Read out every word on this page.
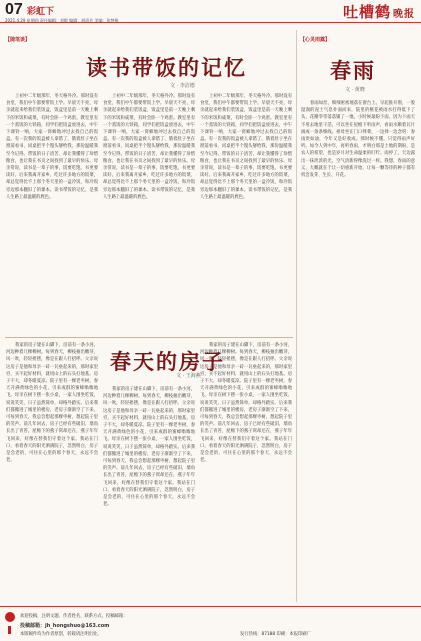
07 彩虹下
2021.4.29 星期四 责任编辑：刘敬 编辑：胡清芳 美编：张梦雅	吐槽鹤 晚报
【随笔谈】
读书带饭的记忆
文 · 李洁德
上初中二年级那年，冬天格外冷。那时没有食堂，我们中午都要带饭上学。早晨天不亮，母亲就起来给我们装饭盒，饭盒里是前一天晚上剩下的米饭和咸菜，有时会卧一个鸡蛋。教室里有一个蒸饭的大铁箱，同学们把饭盒放进去，中午下课铃一响，大家一窝蜂地冲过去找自己的饭盒。有一次我的饭盒被人拿错了，饿着肚子坐在窗前看书，同桌把半个馒头掰给我，那份温暖我至今记得。带饭的日子清苦，却让我懂得了珍惜粮食，也让我在书页之间找到了最早的快乐。母亲常说，读书是一辈子的事，饭要吃饱，书更要读好。后来我离开家乡，吃过许多地方的饭菜，却总觉得比不上那个冬天里的一盒冷饭，和冷饭旁边那本翻旧了的课本。读书带饭的记忆，是我人生路上最温暖的底色。
上初中二年级那年，冬天格外冷。那时没有食堂，我们中午都要带饭上学。早晨天不亮，母亲就起来给我们装饭盒，饭盒里是前一天晚上剩下的米饭和咸菜，有时会卧一个鸡蛋。教室里有一个蒸饭的大铁箱，同学们把饭盒放进去，中午下课铃一响，大家一窝蜂地冲过去找自己的饭盒。有一次我的饭盒被人拿错了，饿着肚子坐在窗前看书，同桌把半个馒头掰给我，那份温暖我至今记得。带饭的日子清苦，却让我懂得了珍惜粮食，也让我在书页之间找到了最早的快乐。母亲常说，读书是一辈子的事，饭要吃饱，书更要读好。后来我离开家乡，吃过许多地方的饭菜，却总觉得比不上那个冬天里的一盒冷饭，和冷饭旁边那本翻旧了的课本。读书带饭的记忆，是我人生路上最温暖的底色。
上初中二年级那年，冬天格外冷。那时没有食堂，我们中午都要带饭上学。早晨天不亮，母亲就起来给我们装饭盒，饭盒里是前一天晚上剩下的米饭和咸菜，有时会卧一个鸡蛋。教室里有一个蒸饭的大铁箱，同学们把饭盒放进去，中午下课铃一响，大家一窝蜂地冲过去找自己的饭盒。有一次我的饭盒被人拿错了，饿着肚子坐在窗前看书，同桌把半个馒头掰给我，那份温暖我至今记得。带饭的日子清苦，却让我懂得了珍惜粮食，也让我在书页之间找到了最早的快乐。母亲常说，读书是一辈子的事，饭要吃饱，书更要读好。后来我离开家乡，吃过许多地方的饭菜，却总觉得比不上那个冬天里的一盒冷饭，和冷饭旁边那本翻旧了的课本。读书带饭的记忆，是我人生路上最温暖的底色。
【心灵雨露】
春雨
文 · 黄晓
春雨如丝，细细密密地落在窗台上。早起推开窗，一股湿润的泥土气息扑面而来，院里的桃花被雨水打得低下了头，花瓣零零落落铺了一地。小时候最盼下雨，因为下雨天不用去地里干活，可以坐在屋檐下听雨声，看雨水顺着瓦片滴成一条条细线。祖母坐在门口择菜，一边择一边念叨：春雨贵如油，今年又是好收成。那时候不懂，只觉得雨声好听。如今人到中年，再听春雨，才明白那是土地的期盼，是农人的希望，也是岁月对生命温柔的叮咛。雨停了，天边露出一抹淡淡的光，空气清新得像洗过一样。我想，春雨的意义，大概就在于让一切重新开始，让每一颗等待的种子都有机会发芽、生长、开花。
我家的房子建在山脚下，房前有一条小河，河边种着几棵柳树。每到春天，柳枝抽出嫩芽，风一吹，轻轻摇摆，像是在跟人打招呼。父亲说这房子是他和母亲一砖一瓦垒起来的，那时家里穷，买不起好材料，就用山上的石头打地基。房子不大，却冬暖夏凉。院子里有一棵老枣树，春天开满黄绿色的小花，引来成群的蜜蜂嗡嗡地飞。母亲在树下摆一张小桌，一家人围坐吃饭，说说笑笑，日子虽然简单，却格外踏实。后来我们都搬进了城里的楼房，老房子渐渐空了下来，可每到春天，我总会想起那棵枣树，想起院子里的笑声。前几年回去，房子已经有些破旧，墙角长出了青苔，屋檐下的燕子窝却还在，燕子年年飞回来，好像在替我们守着这个家。我站在门口，看着春天的阳光洒满院子，忽然明白，房子是会老的，可住在心里的那个春天，永远不会老。
春天的房子
文 · 王海燕
我家的房子建在山脚下，房前有一条小河，河边种着几棵柳树。每到春天，柳枝抽出嫩芽，风一吹，轻轻摇摆，像是在跟人打招呼。父亲说这房子是他和母亲一砖一瓦垒起来的，那时家里穷，买不起好材料，就用山上的石头打地基。房子不大，却冬暖夏凉。院子里有一棵老枣树，春天开满黄绿色的小花，引来成群的蜜蜂嗡嗡地飞。母亲在树下摆一张小桌，一家人围坐吃饭，说说笑笑，日子虽然简单，却格外踏实。后来我们都搬进了城里的楼房，老房子渐渐空了下来，可每到春天，我总会想起那棵枣树，想起院子里的笑声。前几年回去，房子已经有些破旧，墙角长出了青苔，屋檐下的燕子窝却还在，燕子年年飞回来，好像在替我们守着这个家。我站在门口，看着春天的阳光洒满院子，忽然明白，房子是会老的，可住在心里的那个春天，永远不会老。
我家的房子建在山脚下，房前有一条小河，河边种着几棵柳树。每到春天，柳枝抽出嫩芽，风一吹，轻轻摇摆，像是在跟人打招呼。父亲说这房子是他和母亲一砖一瓦垒起来的，那时家里穷，买不起好材料，就用山上的石头打地基。房子不大，却冬暖夏凉。院子里有一棵老枣树，春天开满黄绿色的小花，引来成群的蜜蜂嗡嗡地飞。母亲在树下摆一张小桌，一家人围坐吃饭，说说笑笑，日子虽然简单，却格外踏实。后来我们都搬进了城里的楼房，老房子渐渐空了下来，可每到春天，我总会想起那棵枣树，想起院子里的笑声。前几年回去，房子已经有些破旧，墙角长出了青苔，屋檐下的燕子窝却还在，燕子年年飞回来，好像在替我们守着这个家。我站在门口，看着春天的阳光洒满院子，忽然明白，房子是会老的，可住在心里的那个春天，永远不会老。
欢迎投稿，注明文题、作者姓名、联系方式，投稿邮箱：
投稿邮箱：jh_hongshuo@163.com
本版稿件均为作者原创，转载请注明出处。	发行热线：87188 印刷：本报印刷厂
